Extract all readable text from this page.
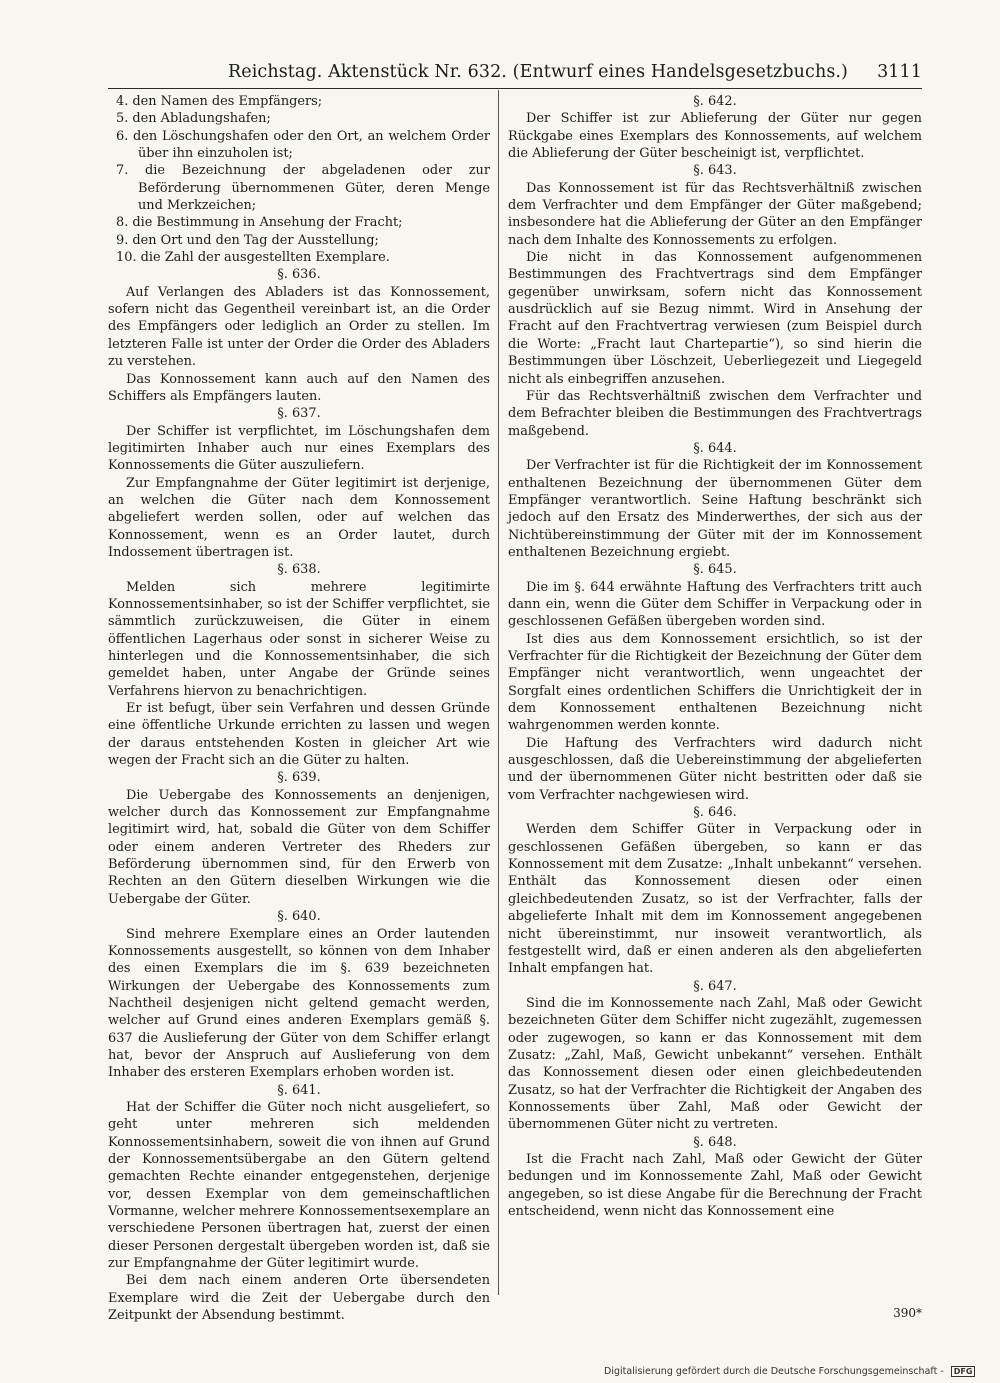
Reichstag. Aktenstück Nr. 632. (Entwurf eines Handelsgesetzbuchs.) 3111

4. den Namen des Empfängers;

5. den Abladungshafen;

6. den Löschungshafen oder den Ort, an welchem Order über ihn einzuholen ist;

7. die Bezeichnung der abgeladenen oder zur Beförderung übernommenen Güter, deren Menge und Merkzeichen;

8. die Bestimmung in Ansehung der Fracht;

9. den Ort und den Tag der Ausstellung;

10. die Zahl der ausgestellten Exemplare.

§. 636.

Auf Verlangen des Abladers ist das Konnossement, sofern nicht das Gegentheil vereinbart ist, an die Order des Empfängers oder lediglich an Order zu stellen. Im letzteren Falle ist unter der Order die Order des Abladers zu verstehen.

Das Konnossement kann auch auf den Namen des Schiffers als Empfängers lauten.

§. 637.

Der Schiffer ist verpflichtet, im Löschungshafen dem legitimirten Inhaber auch nur eines Exemplars des Konnossements die Güter auszuliefern.

Zur Empfangnahme der Güter legitimirt ist derjenige, an welchen die Güter nach dem Konnossement abgeliefert werden sollen, oder auf welchen das Konnossement, wenn es an Order lautet, durch Indossement übertragen ist.

§. 638.

Melden sich mehrere legitimirte Konnossementsinhaber, so ist der Schiffer verpflichtet, sie sämmtlich zurückzuweisen, die Güter in einem öffentlichen Lagerhaus oder sonst in sicherer Weise zu hinterlegen und die Konnossementsinhaber, die sich gemeldet haben, unter Angabe der Gründe seines Verfahrens hiervon zu benachrichtigen.

Er ist befugt, über sein Verfahren und dessen Gründe eine öffentliche Urkunde errichten zu lassen und wegen der daraus entstehenden Kosten in gleicher Art wie wegen der Fracht sich an die Güter zu halten.

§. 639.

Die Uebergabe des Konnossements an denjenigen, welcher durch das Konnossement zur Empfangnahme legitimirt wird, hat, sobald die Güter von dem Schiffer oder einem anderen Vertreter des Rheders zur Beförderung übernommen sind, für den Erwerb von Rechten an den Gütern dieselben Wirkungen wie die Uebergabe der Güter.

§. 640.

Sind mehrere Exemplare eines an Order lautenden Konnossements ausgestellt, so können von dem Inhaber des einen Exemplars die im §. 639 bezeichneten Wirkungen der Uebergabe des Konnossements zum Nachtheil desjenigen nicht geltend gemacht werden, welcher auf Grund eines anderen Exemplars gemäß §. 637 die Auslieferung der Güter von dem Schiffer erlangt hat, bevor der Anspruch auf Auslieferung von dem Inhaber des ersteren Exemplars erhoben worden ist.

§. 641.

Hat der Schiffer die Güter noch nicht ausgeliefert, so geht unter mehreren sich meldenden Konnossementsinhabern, soweit die von ihnen auf Grund der Konnossementsübergabe an den Gütern geltend gemachten Rechte einander entgegenstehen, derjenige vor, dessen Exemplar von dem gemeinschaftlichen Vormanne, welcher mehrere Konnossementsexemplare an verschiedene Personen übertragen hat, zuerst der einen dieser Personen dergestalt übergeben worden ist, daß sie zur Empfangnahme der Güter legitimirt wurde.

Bei dem nach einem anderen Orte übersendeten Exemplare wird die Zeit der Uebergabe durch den Zeitpunkt der Absendung bestimmt.

§. 642.

Der Schiffer ist zur Ablieferung der Güter nur gegen Rückgabe eines Exemplars des Konnossements, auf welchem die Ablieferung der Güter bescheinigt ist, verpflichtet.

§. 643.

Das Konnossement ist für das Rechtsverhältniß zwischen dem Verfrachter und dem Empfänger der Güter maßgebend; insbesondere hat die Ablieferung der Güter an den Empfänger nach dem Inhalte des Konnossements zu erfolgen.

Die nicht in das Konnossement aufgenommenen Bestimmungen des Frachtvertrags sind dem Empfänger gegenüber unwirksam, sofern nicht das Konnossement ausdrücklich auf sie Bezug nimmt. Wird in Ansehung der Fracht auf den Frachtvertrag verwiesen (zum Beispiel durch die Worte: „Fracht laut Chartepartie“), so sind hierin die Bestimmungen über Löschzeit, Ueberliegezeit und Liegegeld nicht als einbegriffen anzusehen.

Für das Rechtsverhältniß zwischen dem Verfrachter und dem Befrachter bleiben die Bestimmungen des Frachtvertrags maßgebend.

§. 644.

Der Verfrachter ist für die Richtigkeit der im Konnossement enthaltenen Bezeichnung der übernommenen Güter dem Empfänger verantwortlich. Seine Haftung beschränkt sich jedoch auf den Ersatz des Minderwerthes, der sich aus der Nichtübereinstimmung der Güter mit der im Konnossement enthaltenen Bezeichnung ergiebt.

§. 645.

Die im §. 644 erwähnte Haftung des Verfrachters tritt auch dann ein, wenn die Güter dem Schiffer in Verpackung oder in geschlossenen Gefäßen übergeben worden sind.

Ist dies aus dem Konnossement ersichtlich, so ist der Verfrachter für die Richtigkeit der Bezeichnung der Güter dem Empfänger nicht verantwortlich, wenn ungeachtet der Sorgfalt eines ordentlichen Schiffers die Unrichtigkeit der in dem Konnossement enthaltenen Bezeichnung nicht wahrgenommen werden konnte.

Die Haftung des Verfrachters wird dadurch nicht ausgeschlossen, daß die Uebereinstimmung der abgelieferten und der übernommenen Güter nicht bestritten oder daß sie vom Verfrachter nachgewiesen wird.

§. 646.

Werden dem Schiffer Güter in Verpackung oder in geschlossenen Gefäßen übergeben, so kann er das Konnossement mit dem Zusatze: „Inhalt unbekannt“ versehen. Enthält das Konnossement diesen oder einen gleichbedeutenden Zusatz, so ist der Verfrachter, falls der abgelieferte Inhalt mit dem im Konnossement angegebenen nicht übereinstimmt, nur insoweit verantwortlich, als festgestellt wird, daß er einen anderen als den abgelieferten Inhalt empfangen hat.

§. 647.

Sind die im Konnossemente nach Zahl, Maß oder Gewicht bezeichneten Güter dem Schiffer nicht zugezählt, zugemessen oder zugewogen, so kann er das Konnossement mit dem Zusatz: „Zahl, Maß, Gewicht unbekannt“ versehen. Enthält das Konnossement diesen oder einen gleichbedeutenden Zusatz, so hat der Verfrachter die Richtigkeit der Angaben des Konnossements über Zahl, Maß oder Gewicht der übernommenen Güter nicht zu vertreten.

§. 648.

Ist die Fracht nach Zahl, Maß oder Gewicht der Güter bedungen und im Konnossemente Zahl, Maß oder Gewicht angegeben, so ist diese Angabe für die Berechnung der Fracht entscheidend, wenn nicht das Konnossement eine

390*
Digitalisierung gefördert durch die Deutsche Forschungsgemeinschaft - DFG
